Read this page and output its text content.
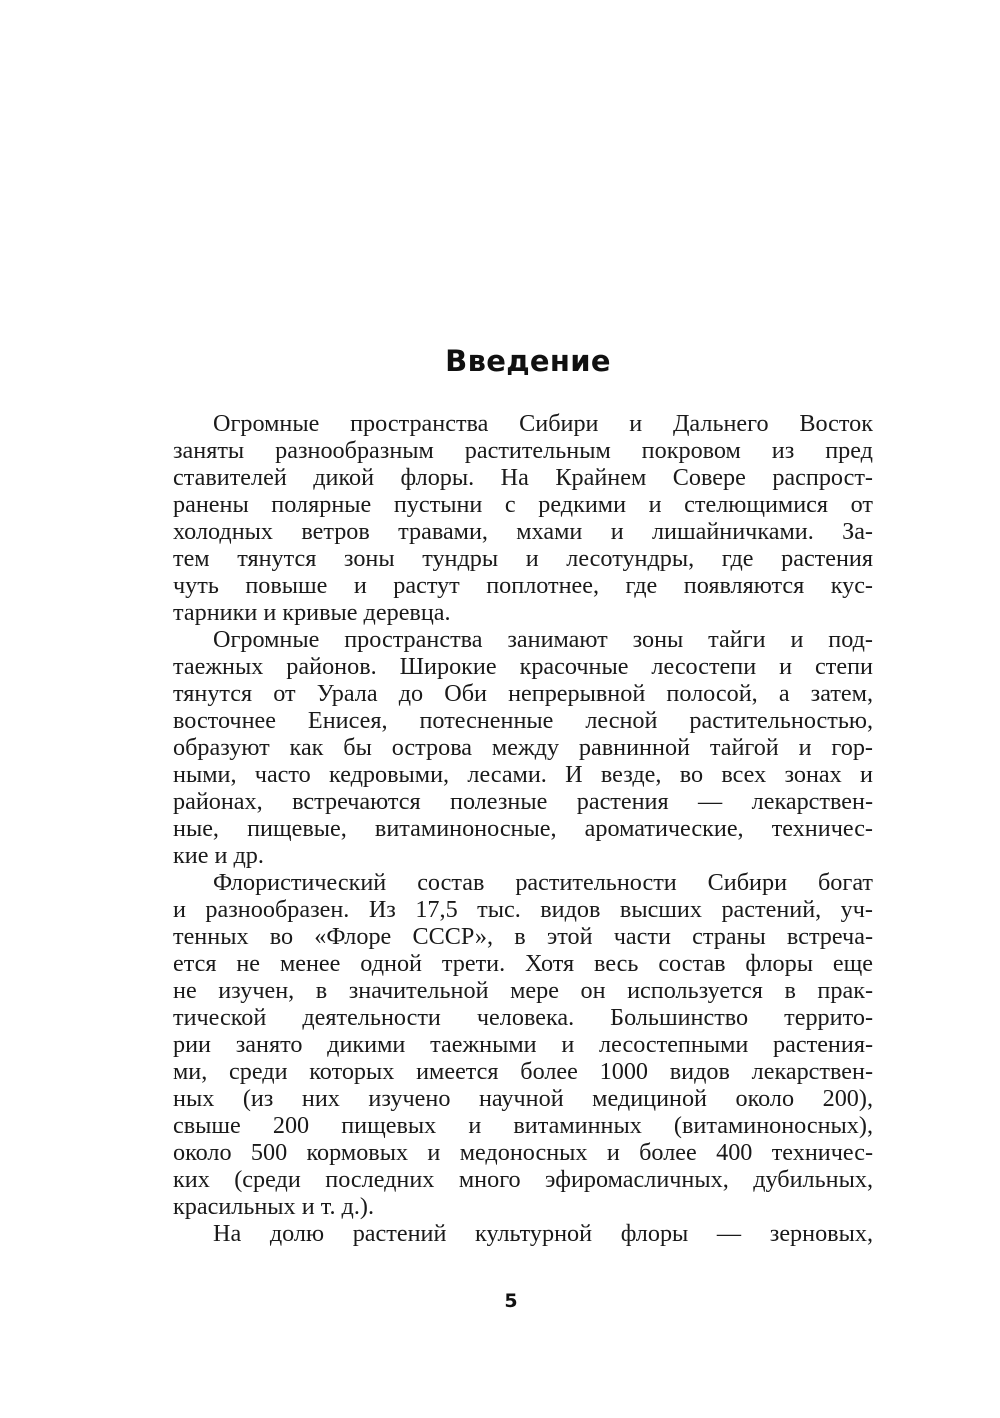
Введение
Огромные пространства Сибири и Дальнего Восток
заняты разнообразным растительным покровом из пред
ставителей дикой флоры. На Крайнем Совере распрост-
ранены полярные пустыни с редкими и стелющимися от
холодных ветров травами, мхами и лишайничками. За-
тем тянутся зоны тундры и лесотундры, где растения
чуть повыше и растут поплотнее, где появляются кус-
тарники и кривые деревца.
Огромные пространства занимают зоны тайги и под-
таежных районов. Широкие красочные лесостепи и степи
тянутся от Урала до Оби непрерывной полосой, а затем,
восточнее Енисея, потесненные лесной растительностью,
образуют как бы острова между равнинной тайгой и гор-
ными, часто кедровыми, лесами. И везде, во всех зонах и
районах, встречаются полезные растения — лекарствен-
ные, пищевые, витаминоносные, ароматические, техничес-
кие и др.
Флористический состав растительности Сибири богат
и разнообразен. Из 17,5 тыс. видов высших растений, уч-
тенных во «Флоре СССР», в этой части страны встреча-
ется не менее одной трети. Хотя весь состав флоры еще
не изучен, в значительной мере он используется в прак-
тической деятельности человека. Большинство террито-
рии занято дикими таежными и лесостепными растения-
ми, среди которых имеется более 1000 видов лекарствен-
ных (из них изучено научной медициной около 200),
свыше 200 пищевых и витаминных (витаминоносных),
около 500 кормовых и медоносных и более 400 техничес-
ких (среди последних много эфиромасличных, дубильных,
красильных и т. д.).
На долю растений культурной флоры — зерновых,
5
